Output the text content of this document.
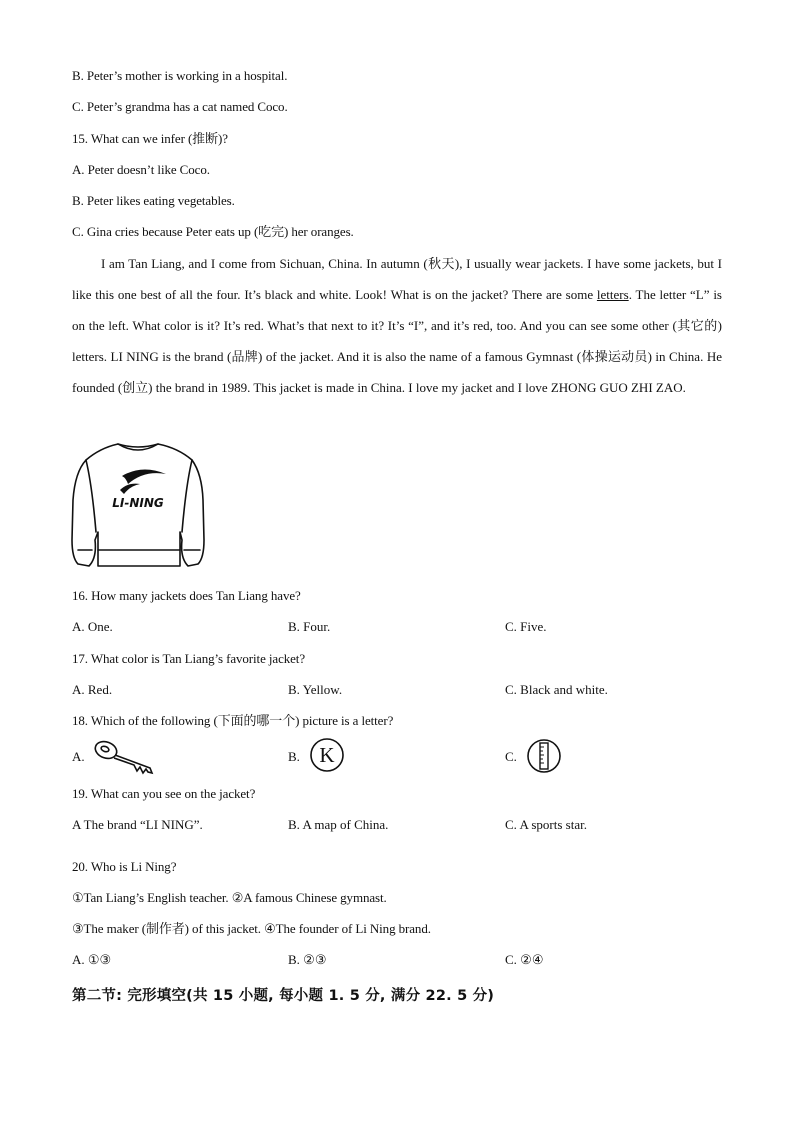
B. Peter’s mother is working in a hospital.
C. Peter’s grandma has a cat named Coco.
15. What can we infer (推断)?
A. Peter doesn’t like Coco.
B. Peter likes eating vegetables.
C. Gina cries because Peter eats up (吃完) her oranges.
I am Tan Liang, and I come from Sichuan, China. In autumn (秋天), I usually wear jackets. I have some jackets, but I like this one best of all the four. It’s black and white. Look! What is on the jacket? There are some letters. The letter “L” is on the left. What color is it? It’s red. What’s that next to it? It’s “I”, and it’s red, too. And you can see some other (其它的) letters. LI NING is the brand (品牌) of the jacket. And it is also the name of a famous Gymnast (体操运动员) in China. He founded (创立) the brand in 1989. This jacket is made in China. I love my jacket and I love ZHONG GUO ZHI ZAO.
LI-NING
16. How many jackets does Tan Liang have?
A. One.	B. Four.	C. Five.
17. What color is Tan Liang’s favorite jacket?
A. Red.	B. Yellow.	C. Black and white.
18. Which of the following (下面的哪一个) picture is a letter?
A.	B. K	C.
19. What can you see on the jacket?
A The brand “LI NING”.	B. A map of China.	C. A sports star.
20. Who is Li Ning?
①Tan Liang’s English teacher. ②A famous Chinese gymnast.
③The maker (制作者) of this jacket. ④The founder of Li Ning brand.
A. ①③	B. ②③	C. ②④
第二节: 完形填空(共 15 小题, 每小题 1. 5 分, 满分 22. 5 分)
